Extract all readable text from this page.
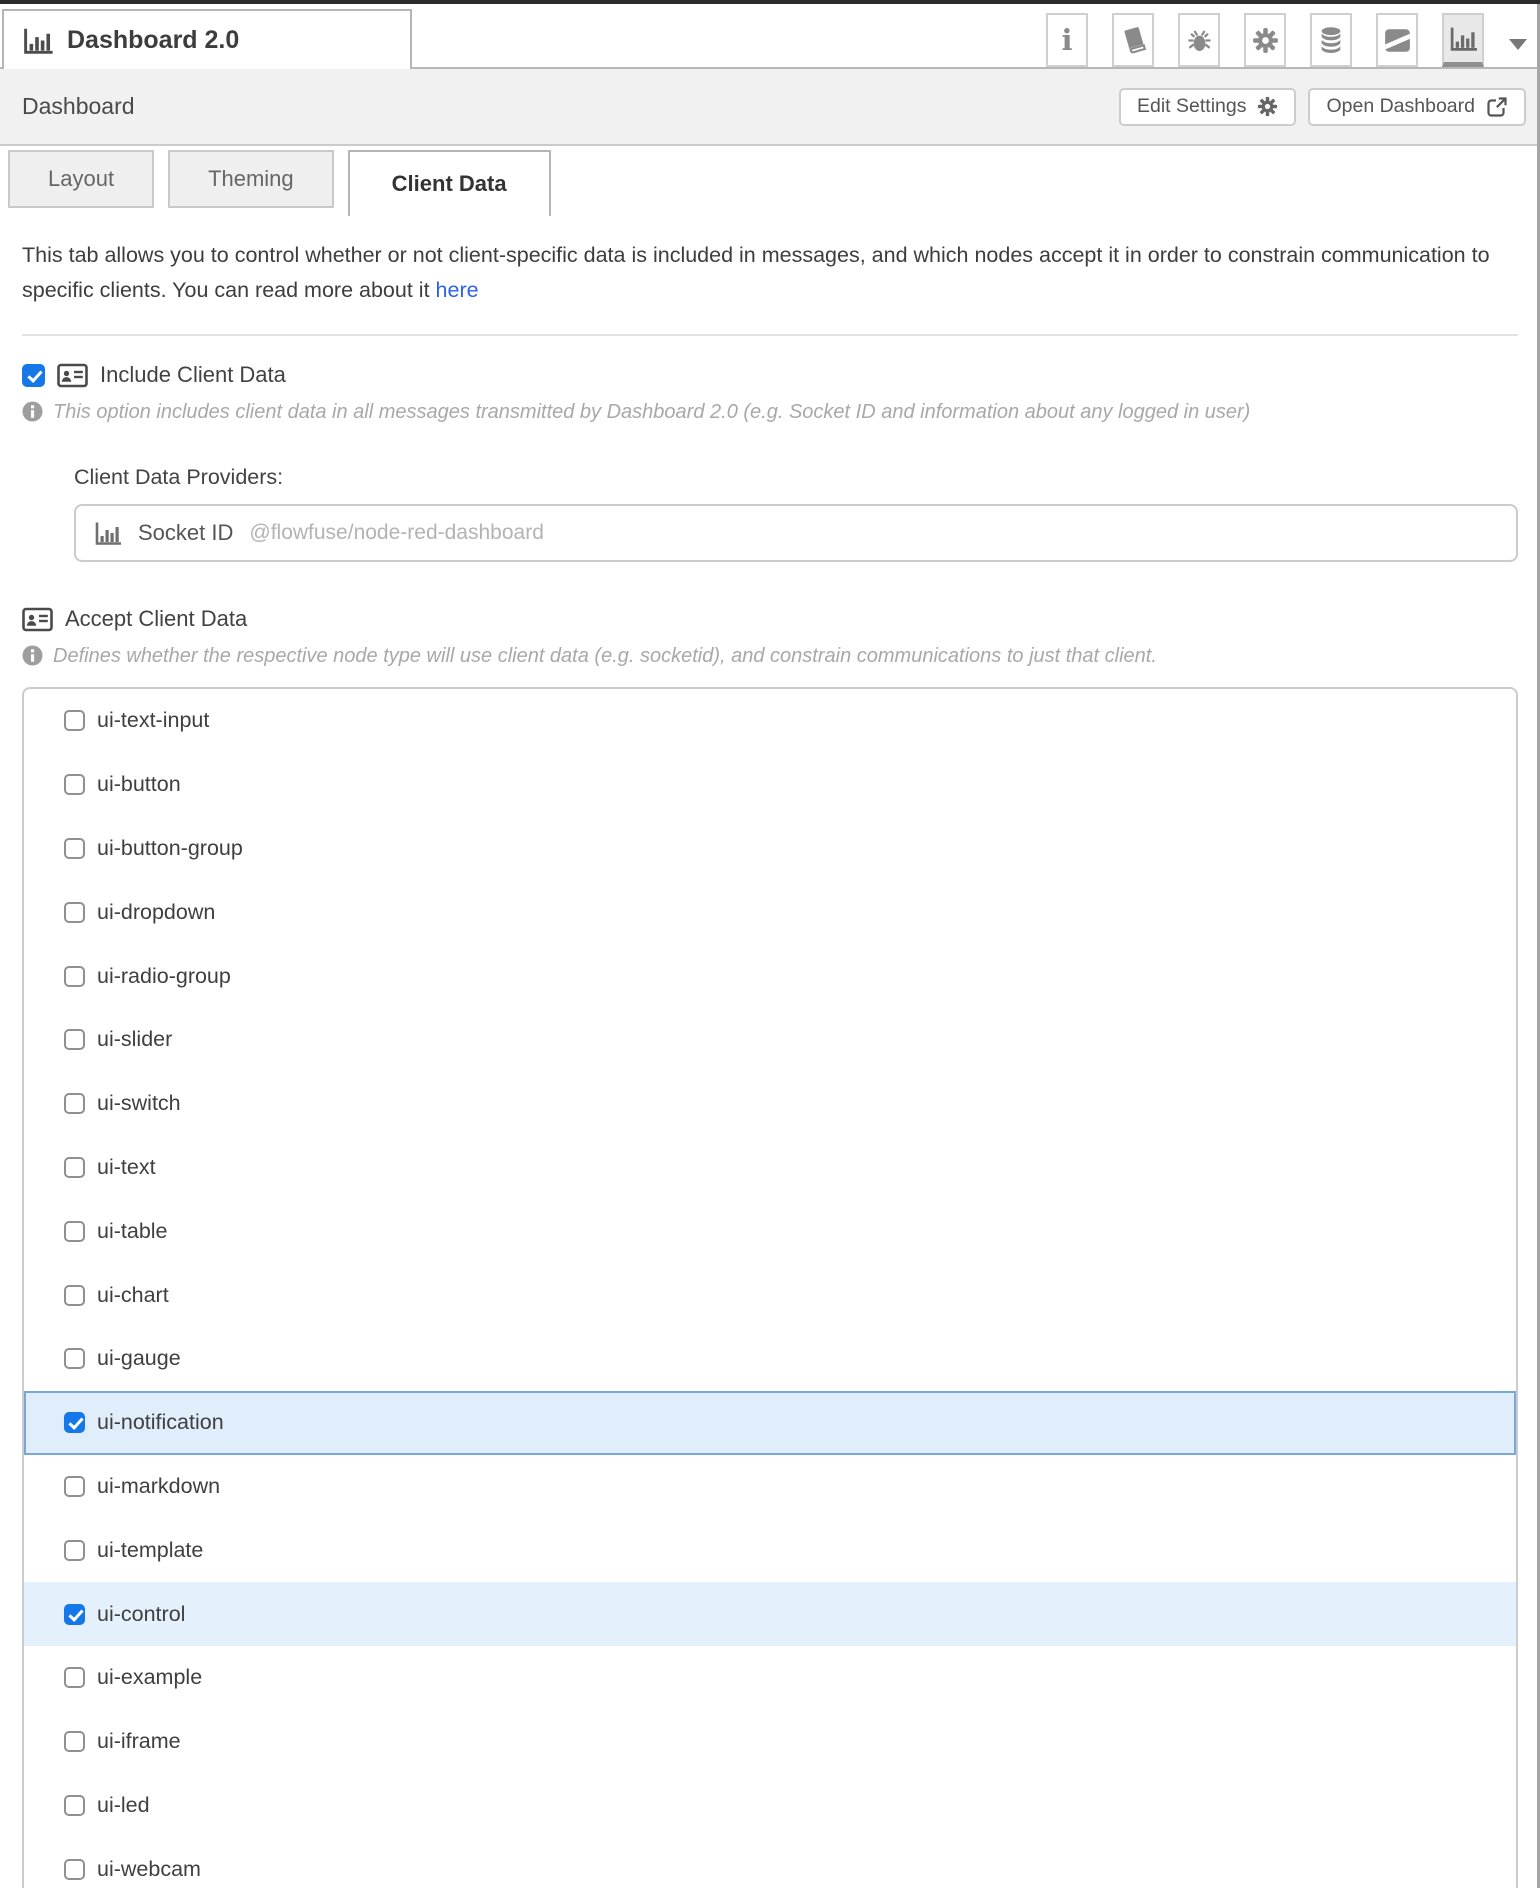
Dashboard 2.0
i
Dashboard	Edit Settings	Open Dashboard
Layout	Theming	Client Data
This tab allows you to control whether or not client-specific data is included in messages, and which nodes accept it in order to constrain communication to specific clients. You can read more about it here
Include Client Data
This option includes client data in all messages transmitted by Dashboard 2.0 (e.g. Socket ID and information about any logged in user)
Client Data Providers:
Socket ID @flowfuse/node-red-dashboard
Accept Client Data
Defines whether the respective node type will use client data (e.g. socketid), and constrain communications to just that client.
ui-text-input
ui-button
ui-button-group
ui-dropdown
ui-radio-group
ui-slider
ui-switch
ui-text
ui-table
ui-chart
ui-gauge
ui-notification
ui-markdown
ui-template
ui-control
ui-example
ui-iframe
ui-led
ui-webcam
